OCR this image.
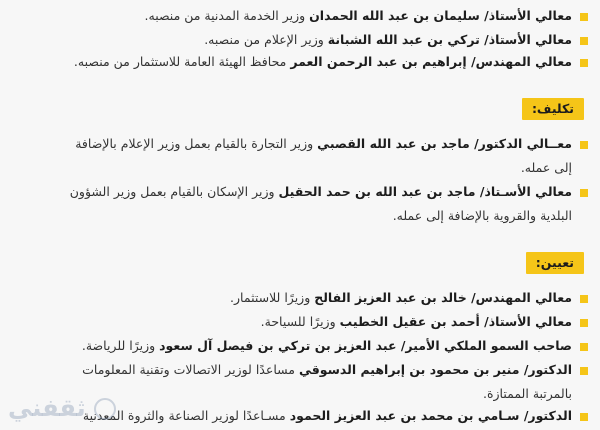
معالي الأستاذ/ سليمان بن عبد الله الحمدان وزير الخدمة المدنية من منصبه.
معالي الأستاذ/ تركي بن عبد الله الشبانة وزير الإعلام من منصبه.
معالي المهندس/ إبراهيم بن عبد الرحمن العمر محافظ الهيئة العامة للاستثمار من منصبه.
تكليف:
معــالي الدكتور/ ماجد بن عبد الله القصبي وزير التجارة بالقيام بعمل وزير الإعلام بالإضافة
إلى عمله.
معالي الأسـتاذ/ ماجد بن عبد الله بن حمد الحقيل وزير الإسكان بالقيام بعمل وزير الشؤون
البلدية والقروية بالإضافة إلى عمله.
تعيين:
معالي المهندس/ خالد بن عبد العزيز الفالح وزيرًا للاستثمار.
معالي الأستاذ/ أحمد بن عقيل الخطيب وزيرًا للسياحة.
صاحب السمو الملكي الأمير/ عبد العزيز بن تركي بن فيصل آل سعود وزيرًا للرياضة.
الدكتور/ منير بن محمود بن إبراهيم الدسوقي مساعدًا لوزير الاتصالات وتقنية المعلومات
بالمرتبة الممتازة.
الدكتور/ سـامي بن محمد بن عبد العزيز الحمود مسـاعدًا لوزير الصناعة والثروة المعدنية
ثقفني
